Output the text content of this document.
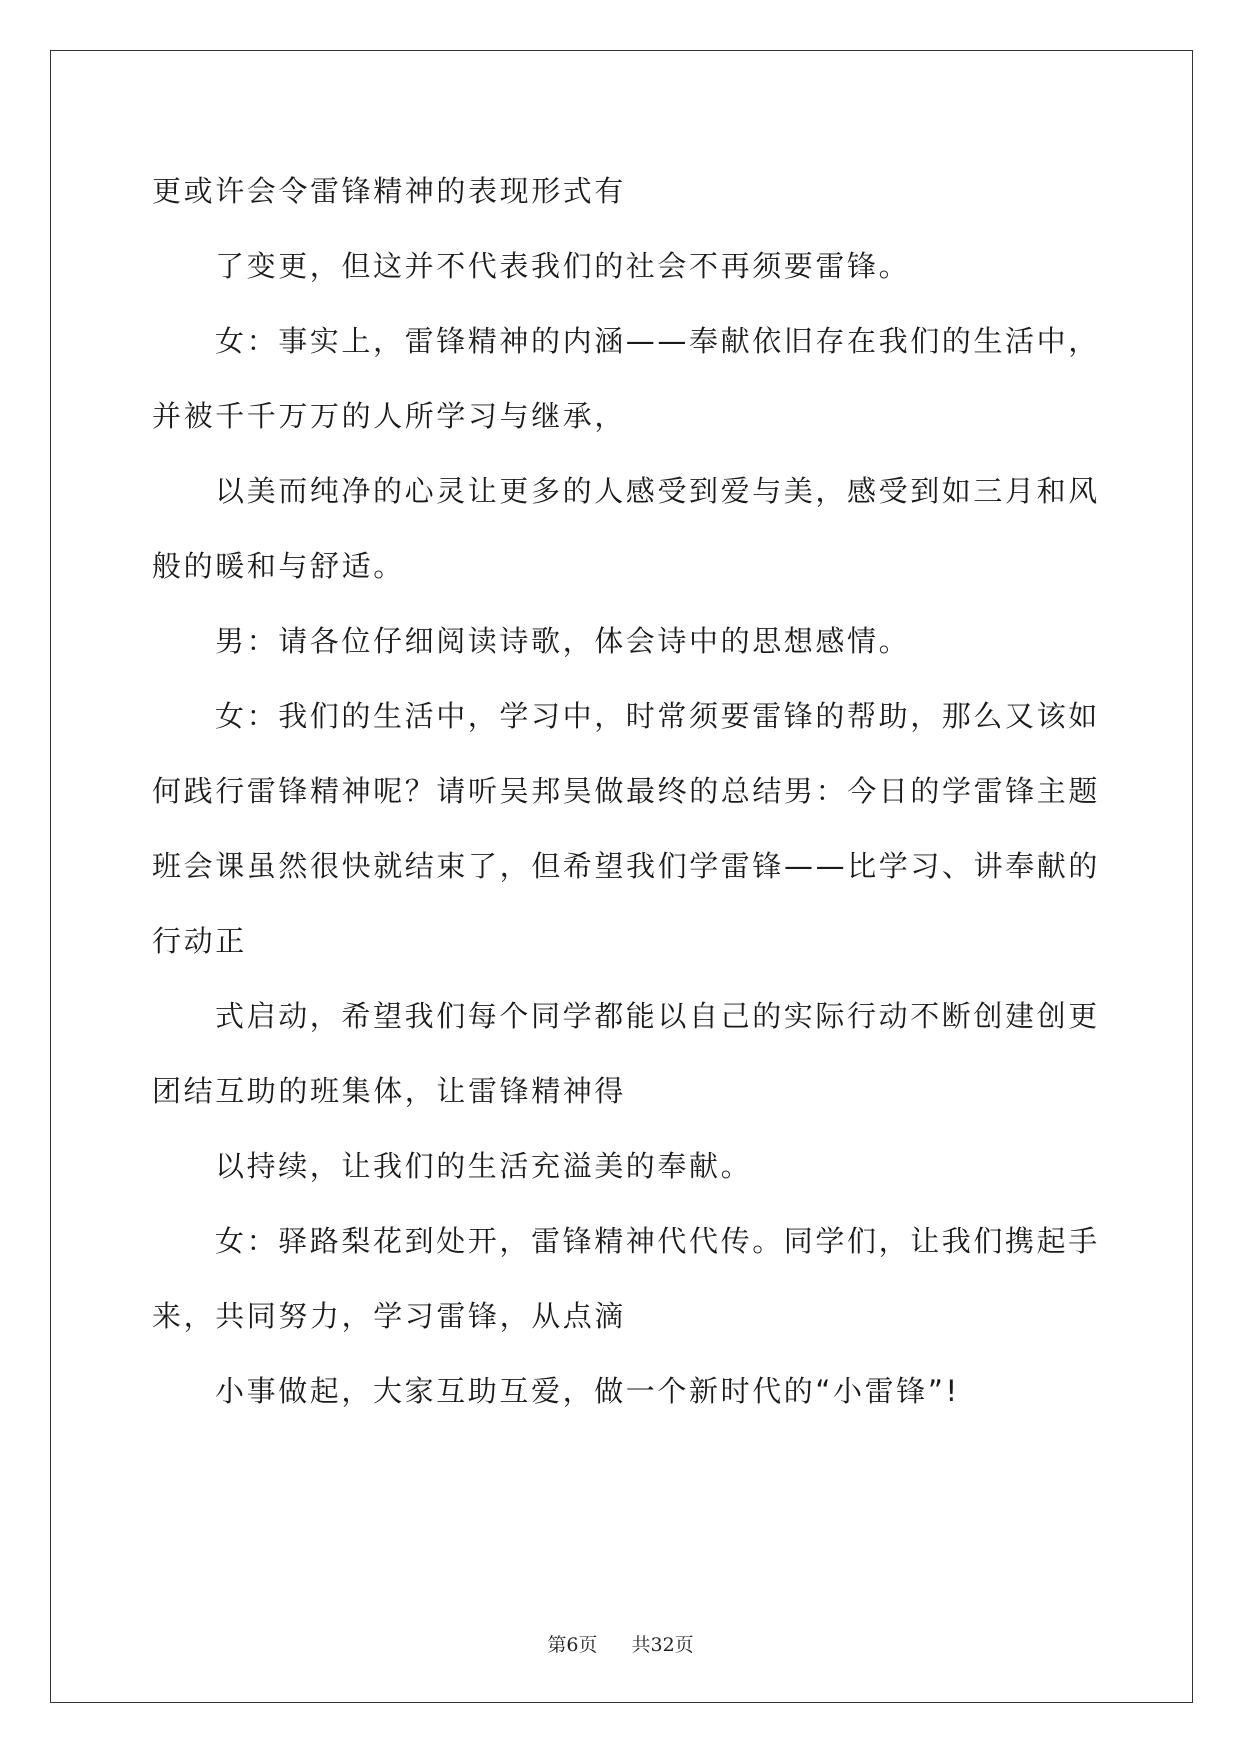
更或许会令雷锋精神的表现形式有
了变更，但这并不代表我们的社会不再须要雷锋。
女：事实上，雷锋精神的内涵——奉献依旧存在我们的生活中，
并被千千万万的人所学习与继承，
以美而纯净的心灵让更多的人感受到爱与美，感受到如三月和风
般的暖和与舒适。
男：请各位仔细阅读诗歌，体会诗中的思想感情。
女：我们的生活中，学习中，时常须要雷锋的帮助，那么又该如
何践行雷锋精神呢？请听吴邦昊做最终的总结男：今日的学雷锋主题
班会课虽然很快就结束了，但希望我们学雷锋——比学习、讲奉献的
行动正
式启动，希望我们每个同学都能以自己的实际行动不断创建创更
团结互助的班集体，让雷锋精神得
以持续，让我们的生活充溢美的奉献。
女：驿路梨花到处开，雷锋精神代代传。同学们，让我们携起手
来，共同努力，学习雷锋，从点滴
小事做起，大家互助互爱，做一个新时代的“小雷锋”!
第6页 共32页
